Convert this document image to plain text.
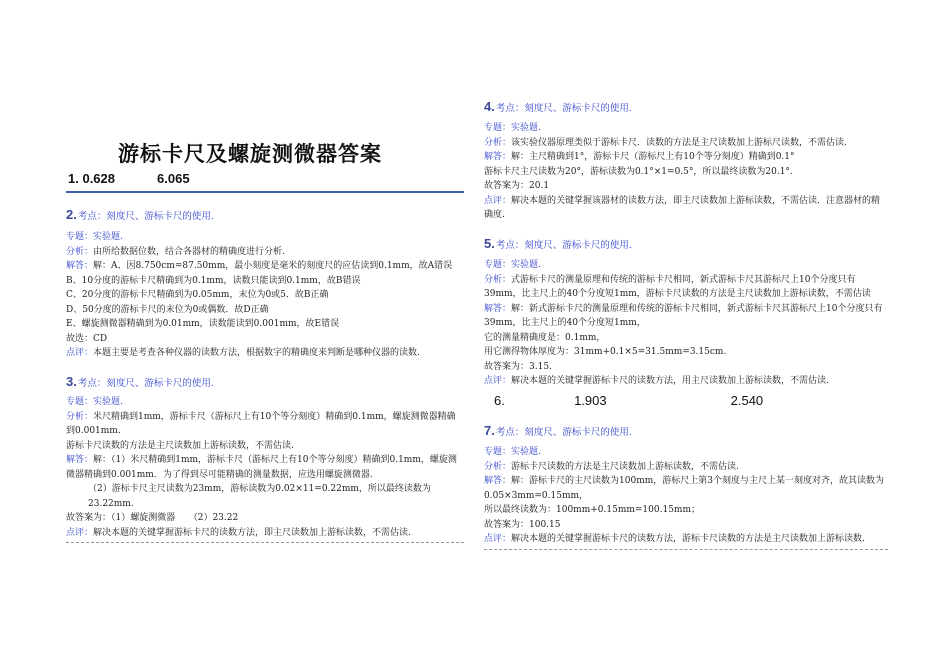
游标卡尺及螺旋测微器答案
1. 0.628	6.065
2.考点：刻度尺、游标卡尺的使用.
专题：实验题.
分析：由所给数据位数，结合各器材的精确度进行分析.
解答：解：A、因8.750cm=87.50mm，最小刻度是毫米的刻度尺的应估读到0.1mm，故A错误
B、10分度的游标卡尺精确到为0.1mm，读数只能读到0.1mm，故B错误
C、20分度的游标卡尺精确到为0.05mm，末位为0或5．故B正确
D、50分度的游标卡尺的末位为0或偶数．故D正确
E、螺旋测微器精确到为0.01mm，读数能读到0.001mm，故E错误
故选：CD
点评：本题主要是考查各种仪器的读数方法，根据数字的精确度来判断是哪种仪器的读数.
3.考点：刻度尺、游标卡尺的使用.
专题：实验题.
分析：米尺精确到1mm，游标卡尺（游标尺上有10个等分刻度）精确到0.1mm，螺旋测微器精确到0.001mm.
游标卡尺读数的方法是主尺读数加上游标读数，不需估读.
解答：解：（1）米尺精确到1mm，游标卡尺（游标尺上有10个等分刻度）精确到0.1mm，螺旋测微器精确到0.001mm．为了得到尽可能精确的测量数据，应选用螺旋测微器.
（2）游标卡尺主尺读数为23mm，游标读数为0.02×11=0.22mm，所以最终读数为23.22mm.
故答案为：（1）螺旋测微器　　（2）23.22
点评：解决本题的关键掌握游标卡尺的读数方法，即主尺读数加上游标读数，不需估读.
4.考点：刻度尺、游标卡尺的使用.
专题：实验题.
分析：该实验仪器原理类似于游标卡尺．读数的方法是主尺读数加上游标尺读数，不需估读.
解答：解：主尺精确到1°，游标卡尺（游标尺上有10个等分刻度）精确到0.1°
游标卡尺主尺读数为20°，游标读数为0.1°×1=0.5°，所以最终读数为20.1°.
故答案为：20.1
点评：解决本题的关键掌握该器材的读数方法，即主尺读数加上游标读数，不需估读．注意器材的精确度.
5.考点：刻度尺、游标卡尺的使用.
专题：实验题.
分析：式游标卡尺的测量原理和传统的游标卡尺相同，新式游标卡尺其游标尺上10个分度只有39mm，比主尺上的40个分度短1mm，游标卡尺读数的方法是主尺读数加上游标读数，不需估读
解答：解：新式游标卡尺的测量原理和传统的游标卡尺相同，新式游标卡尺其游标尺上10个分度只有39mm，比主尺上的40个分度短1mm，
它的测量精确度是：0.1mm，
用它测得物体厚度为：31mm+0.1×5=31.5mm=3.15cm.
故答案为：3.15.
点评：解决本题的关键掌握游标卡尺的读数方法，用主尺读数加上游标读数，不需估读.
6.	1.903	2.540
7.考点：刻度尺、游标卡尺的使用.
专题：实验题.
分析：游标卡尺读数的方法是主尺读数加上游标读数，不需估读.
解答：解：游标卡尺的主尺读数为100mm，游标尺上第3个刻度与主尺上某一刻度对齐，故其读数为0.05×3mm=0.15mm，
所以最终读数为：100mm+0.15mm=100.15mm；
故答案为：100.15
点评：解决本题的关键掌握游标卡尺的读数方法，游标卡尺读数的方法是主尺读数加上游标读数.
